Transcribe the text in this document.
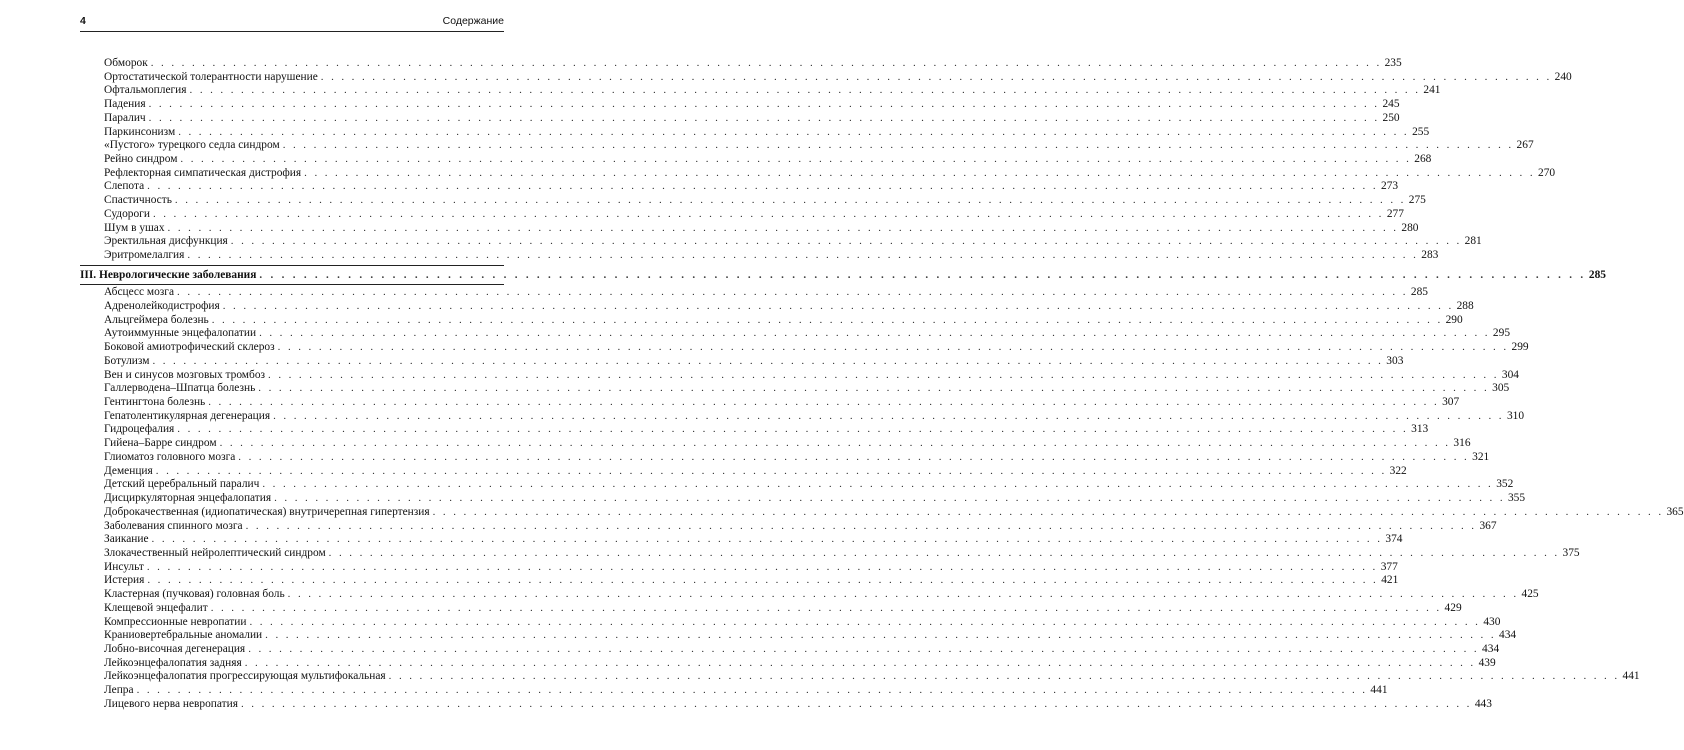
4	Содержание
Обморок . . . . . . . . . . . . . . . . . . . . . . . . . . . . . . . . . . . . . . . . . . . . . . . . . . . . . . . . . . . . . . . . . . . . . . . . . . . . . . . . . . . . . . . . . . . . . . . . . . . . . . . . . . . . . . . . . . . . . . . . 235
Ортостатической толерантности нарушение . . . . . . . . . . . . . . . . . . . . . . . . . . . . . . . . . . . . . . . . . . . . . . . . . . . . . . . . . . . . . . . . . . . . . . . . . . . . . . . . . . . . . . . . . . . . . . . . . . . . . . . . . . . . . . . . . . . . . . . . 240
Офтальмоплегия . . . . . . . . . . . . . . . . . . . . . . . . . . . . . . . . . . . . . . . . . . . . . . . . . . . . . . . . . . . . . . . . . . . . . . . . . . . . . . . . . . . . . . . . . . . . . . . . . . . . . . . . . . . . . . . . . . . . . . . . 241
Падения . . . . . . . . . . . . . . . . . . . . . . . . . . . . . . . . . . . . . . . . . . . . . . . . . . . . . . . . . . . . . . . . . . . . . . . . . . . . . . . . . . . . . . . . . . . . . . . . . . . . . . . . . . . . . . . . . . . . . . . . 245
Паралич . . . . . . . . . . . . . . . . . . . . . . . . . . . . . . . . . . . . . . . . . . . . . . . . . . . . . . . . . . . . . . . . . . . . . . . . . . . . . . . . . . . . . . . . . . . . . . . . . . . . . . . . . . . . . . . . . . . . . . . . 250
Паркинсонизм . . . . . . . . . . . . . . . . . . . . . . . . . . . . . . . . . . . . . . . . . . . . . . . . . . . . . . . . . . . . . . . . . . . . . . . . . . . . . . . . . . . . . . . . . . . . . . . . . . . . . . . . . . . . . . . . . . . . . . . . 255
«Пустого» турецкого седла синдром . . . . . . . . . . . . . . . . . . . . . . . . . . . . . . . . . . . . . . . . . . . . . . . . . . . . . . . . . . . . . . . . . . . . . . . . . . . . . . . . . . . . . . . . . . . . . . . . . . . . . . . . . . . . . . . . . . . . . . . . 267
Рейно синдром . . . . . . . . . . . . . . . . . . . . . . . . . . . . . . . . . . . . . . . . . . . . . . . . . . . . . . . . . . . . . . . . . . . . . . . . . . . . . . . . . . . . . . . . . . . . . . . . . . . . . . . . . . . . . . . . . . . . . . . . 268
Рефлекторная симпатическая дистрофия . . . . . . . . . . . . . . . . . . . . . . . . . . . . . . . . . . . . . . . . . . . . . . . . . . . . . . . . . . . . . . . . . . . . . . . . . . . . . . . . . . . . . . . . . . . . . . . . . . . . . . . . . . . . . . . . . . . . . . . . 270
Слепота . . . . . . . . . . . . . . . . . . . . . . . . . . . . . . . . . . . . . . . . . . . . . . . . . . . . . . . . . . . . . . . . . . . . . . . . . . . . . . . . . . . . . . . . . . . . . . . . . . . . . . . . . . . . . . . . . . . . . . . . 273
Спастичность . . . . . . . . . . . . . . . . . . . . . . . . . . . . . . . . . . . . . . . . . . . . . . . . . . . . . . . . . . . . . . . . . . . . . . . . . . . . . . . . . . . . . . . . . . . . . . . . . . . . . . . . . . . . . . . . . . . . . . . . 275
Судороги . . . . . . . . . . . . . . . . . . . . . . . . . . . . . . . . . . . . . . . . . . . . . . . . . . . . . . . . . . . . . . . . . . . . . . . . . . . . . . . . . . . . . . . . . . . . . . . . . . . . . . . . . . . . . . . . . . . . . . . . 277
Шум в ушах . . . . . . . . . . . . . . . . . . . . . . . . . . . . . . . . . . . . . . . . . . . . . . . . . . . . . . . . . . . . . . . . . . . . . . . . . . . . . . . . . . . . . . . . . . . . . . . . . . . . . . . . . . . . . . . . . . . . . . . . 280
Эректильная дисфункция . . . . . . . . . . . . . . . . . . . . . . . . . . . . . . . . . . . . . . . . . . . . . . . . . . . . . . . . . . . . . . . . . . . . . . . . . . . . . . . . . . . . . . . . . . . . . . . . . . . . . . . . . . . . . . . . . . . . . . . . 281
Эритромелалгия . . . . . . . . . . . . . . . . . . . . . . . . . . . . . . . . . . . . . . . . . . . . . . . . . . . . . . . . . . . . . . . . . . . . . . . . . . . . . . . . . . . . . . . . . . . . . . . . . . . . . . . . . . . . . . . . . . . . . . . . 283
III. Неврологические заболевания . . . . . . . . . . . . . . . . . . . . . . . . . . . . . . . . . . . . . . . . . . . . . . . . . . . . . . . . . . . . . . . . . . . . . . . . . . . . . . . . . . . . . . . . . . . . . . . . . . . . . . . . . . . . . . . . . . . . . . . . 285
Абсцесс мозга . . . . . . . . . . . . . . . . . . . . . . . . . . . . . . . . . . . . . . . . . . . . . . . . . . . . . . . . . . . . . . . . . . . . . . . . . . . . . . . . . . . . . . . . . . . . . . . . . . . . . . . . . . . . . . . . . . . . . . . . 285
Адренолейкодистрофия . . . . . . . . . . . . . . . . . . . . . . . . . . . . . . . . . . . . . . . . . . . . . . . . . . . . . . . . . . . . . . . . . . . . . . . . . . . . . . . . . . . . . . . . . . . . . . . . . . . . . . . . . . . . . . . . . . . . . . . . 288
Альцгеймера болезнь . . . . . . . . . . . . . . . . . . . . . . . . . . . . . . . . . . . . . . . . . . . . . . . . . . . . . . . . . . . . . . . . . . . . . . . . . . . . . . . . . . . . . . . . . . . . . . . . . . . . . . . . . . . . . . . . . . . . . . . . 290
Аутоиммунные энцефалопатии . . . . . . . . . . . . . . . . . . . . . . . . . . . . . . . . . . . . . . . . . . . . . . . . . . . . . . . . . . . . . . . . . . . . . . . . . . . . . . . . . . . . . . . . . . . . . . . . . . . . . . . . . . . . . . . . . . . . . . . . 295
Боковой амиотрофический склероз . . . . . . . . . . . . . . . . . . . . . . . . . . . . . . . . . . . . . . . . . . . . . . . . . . . . . . . . . . . . . . . . . . . . . . . . . . . . . . . . . . . . . . . . . . . . . . . . . . . . . . . . . . . . . . . . . . . . . . . . 299
Ботулизм . . . . . . . . . . . . . . . . . . . . . . . . . . . . . . . . . . . . . . . . . . . . . . . . . . . . . . . . . . . . . . . . . . . . . . . . . . . . . . . . . . . . . . . . . . . . . . . . . . . . . . . . . . . . . . . . . . . . . . . . 303
Вен и синусов мозговых тромбоз . . . . . . . . . . . . . . . . . . . . . . . . . . . . . . . . . . . . . . . . . . . . . . . . . . . . . . . . . . . . . . . . . . . . . . . . . . . . . . . . . . . . . . . . . . . . . . . . . . . . . . . . . . . . . . . . . . . . . . . . 304
Галлерводена–Шпатца болезнь . . . . . . . . . . . . . . . . . . . . . . . . . . . . . . . . . . . . . . . . . . . . . . . . . . . . . . . . . . . . . . . . . . . . . . . . . . . . . . . . . . . . . . . . . . . . . . . . . . . . . . . . . . . . . . . . . . . . . . . . 305
Гентингтона болезнь . . . . . . . . . . . . . . . . . . . . . . . . . . . . . . . . . . . . . . . . . . . . . . . . . . . . . . . . . . . . . . . . . . . . . . . . . . . . . . . . . . . . . . . . . . . . . . . . . . . . . . . . . . . . . . . . . . . . . . . . 307
Гепатолентикулярная дегенерация . . . . . . . . . . . . . . . . . . . . . . . . . . . . . . . . . . . . . . . . . . . . . . . . . . . . . . . . . . . . . . . . . . . . . . . . . . . . . . . . . . . . . . . . . . . . . . . . . . . . . . . . . . . . . . . . . . . . . . . . 310
Гидроцефалия . . . . . . . . . . . . . . . . . . . . . . . . . . . . . . . . . . . . . . . . . . . . . . . . . . . . . . . . . . . . . . . . . . . . . . . . . . . . . . . . . . . . . . . . . . . . . . . . . . . . . . . . . . . . . . . . . . . . . . . . 313
Гийена–Барре синдром . . . . . . . . . . . . . . . . . . . . . . . . . . . . . . . . . . . . . . . . . . . . . . . . . . . . . . . . . . . . . . . . . . . . . . . . . . . . . . . . . . . . . . . . . . . . . . . . . . . . . . . . . . . . . . . . . . . . . . . . 316
Глиоматоз головного мозга . . . . . . . . . . . . . . . . . . . . . . . . . . . . . . . . . . . . . . . . . . . . . . . . . . . . . . . . . . . . . . . . . . . . . . . . . . . . . . . . . . . . . . . . . . . . . . . . . . . . . . . . . . . . . . . . . . . . . . . . 321
Деменция . . . . . . . . . . . . . . . . . . . . . . . . . . . . . . . . . . . . . . . . . . . . . . . . . . . . . . . . . . . . . . . . . . . . . . . . . . . . . . . . . . . . . . . . . . . . . . . . . . . . . . . . . . . . . . . . . . . . . . . . 322
Детский церебральный паралич . . . . . . . . . . . . . . . . . . . . . . . . . . . . . . . . . . . . . . . . . . . . . . . . . . . . . . . . . . . . . . . . . . . . . . . . . . . . . . . . . . . . . . . . . . . . . . . . . . . . . . . . . . . . . . . . . . . . . . . . 352
Дисциркуляторная энцефалопатия . . . . . . . . . . . . . . . . . . . . . . . . . . . . . . . . . . . . . . . . . . . . . . . . . . . . . . . . . . . . . . . . . . . . . . . . . . . . . . . . . . . . . . . . . . . . . . . . . . . . . . . . . . . . . . . . . . . . . . . . 355
Доброкачественная (идиопатическая) внутричерепная гипертензия . . . . . . . . . . . . . . . . . . . . . . . . . . . . . . . . . . . . . . . . . . . . . . . . . . . . . . . . . . . . . . . . . . . . . . . . . . . . . . . . . . . . . . . . . . . . . . . . . . . . . . . . . . . . . . . . . . . . . . . . 365
Заболевания спинного мозга . . . . . . . . . . . . . . . . . . . . . . . . . . . . . . . . . . . . . . . . . . . . . . . . . . . . . . . . . . . . . . . . . . . . . . . . . . . . . . . . . . . . . . . . . . . . . . . . . . . . . . . . . . . . . . . . . . . . . . . . 367
Заикание . . . . . . . . . . . . . . . . . . . . . . . . . . . . . . . . . . . . . . . . . . . . . . . . . . . . . . . . . . . . . . . . . . . . . . . . . . . . . . . . . . . . . . . . . . . . . . . . . . . . . . . . . . . . . . . . . . . . . . . . 374
Злокачественный нейролептический синдром . . . . . . . . . . . . . . . . . . . . . . . . . . . . . . . . . . . . . . . . . . . . . . . . . . . . . . . . . . . . . . . . . . . . . . . . . . . . . . . . . . . . . . . . . . . . . . . . . . . . . . . . . . . . . . . . . . . . . . . . 375
Инсульт . . . . . . . . . . . . . . . . . . . . . . . . . . . . . . . . . . . . . . . . . . . . . . . . . . . . . . . . . . . . . . . . . . . . . . . . . . . . . . . . . . . . . . . . . . . . . . . . . . . . . . . . . . . . . . . . . . . . . . . . 377
Истерия . . . . . . . . . . . . . . . . . . . . . . . . . . . . . . . . . . . . . . . . . . . . . . . . . . . . . . . . . . . . . . . . . . . . . . . . . . . . . . . . . . . . . . . . . . . . . . . . . . . . . . . . . . . . . . . . . . . . . . . . 421
Кластерная (пучковая) головная боль . . . . . . . . . . . . . . . . . . . . . . . . . . . . . . . . . . . . . . . . . . . . . . . . . . . . . . . . . . . . . . . . . . . . . . . . . . . . . . . . . . . . . . . . . . . . . . . . . . . . . . . . . . . . . . . . . . . . . . . . 425
Клещевой энцефалит . . . . . . . . . . . . . . . . . . . . . . . . . . . . . . . . . . . . . . . . . . . . . . . . . . . . . . . . . . . . . . . . . . . . . . . . . . . . . . . . . . . . . . . . . . . . . . . . . . . . . . . . . . . . . . . . . . . . . . . . 429
Компрессионные невропатии . . . . . . . . . . . . . . . . . . . . . . . . . . . . . . . . . . . . . . . . . . . . . . . . . . . . . . . . . . . . . . . . . . . . . . . . . . . . . . . . . . . . . . . . . . . . . . . . . . . . . . . . . . . . . . . . . . . . . . . . 430
Краниовертебральные аномалии . . . . . . . . . . . . . . . . . . . . . . . . . . . . . . . . . . . . . . . . . . . . . . . . . . . . . . . . . . . . . . . . . . . . . . . . . . . . . . . . . . . . . . . . . . . . . . . . . . . . . . . . . . . . . . . . . . . . . . . . 434
Лобно-височная дегенерация . . . . . . . . . . . . . . . . . . . . . . . . . . . . . . . . . . . . . . . . . . . . . . . . . . . . . . . . . . . . . . . . . . . . . . . . . . . . . . . . . . . . . . . . . . . . . . . . . . . . . . . . . . . . . . . . . . . . . . . . 434
Лейкоэнцефалопатия задняя . . . . . . . . . . . . . . . . . . . . . . . . . . . . . . . . . . . . . . . . . . . . . . . . . . . . . . . . . . . . . . . . . . . . . . . . . . . . . . . . . . . . . . . . . . . . . . . . . . . . . . . . . . . . . . . . . . . . . . . . 439
Лейкоэнцефалопатия прогрессирующая мультифокальная . . . . . . . . . . . . . . . . . . . . . . . . . . . . . . . . . . . . . . . . . . . . . . . . . . . . . . . . . . . . . . . . . . . . . . . . . . . . . . . . . . . . . . . . . . . . . . . . . . . . . . . . . . . . . . . . . . . . . . . . 441
Лепра . . . . . . . . . . . . . . . . . . . . . . . . . . . . . . . . . . . . . . . . . . . . . . . . . . . . . . . . . . . . . . . . . . . . . . . . . . . . . . . . . . . . . . . . . . . . . . . . . . . . . . . . . . . . . . . . . . . . . . . . 441
Лицевого нерва невропатия . . . . . . . . . . . . . . . . . . . . . . . . . . . . . . . . . . . . . . . . . . . . . . . . . . . . . . . . . . . . . . . . . . . . . . . . . . . . . . . . . . . . . . . . . . . . . . . . . . . . . . . . . . . . . . . . . . . . . . . . 443
